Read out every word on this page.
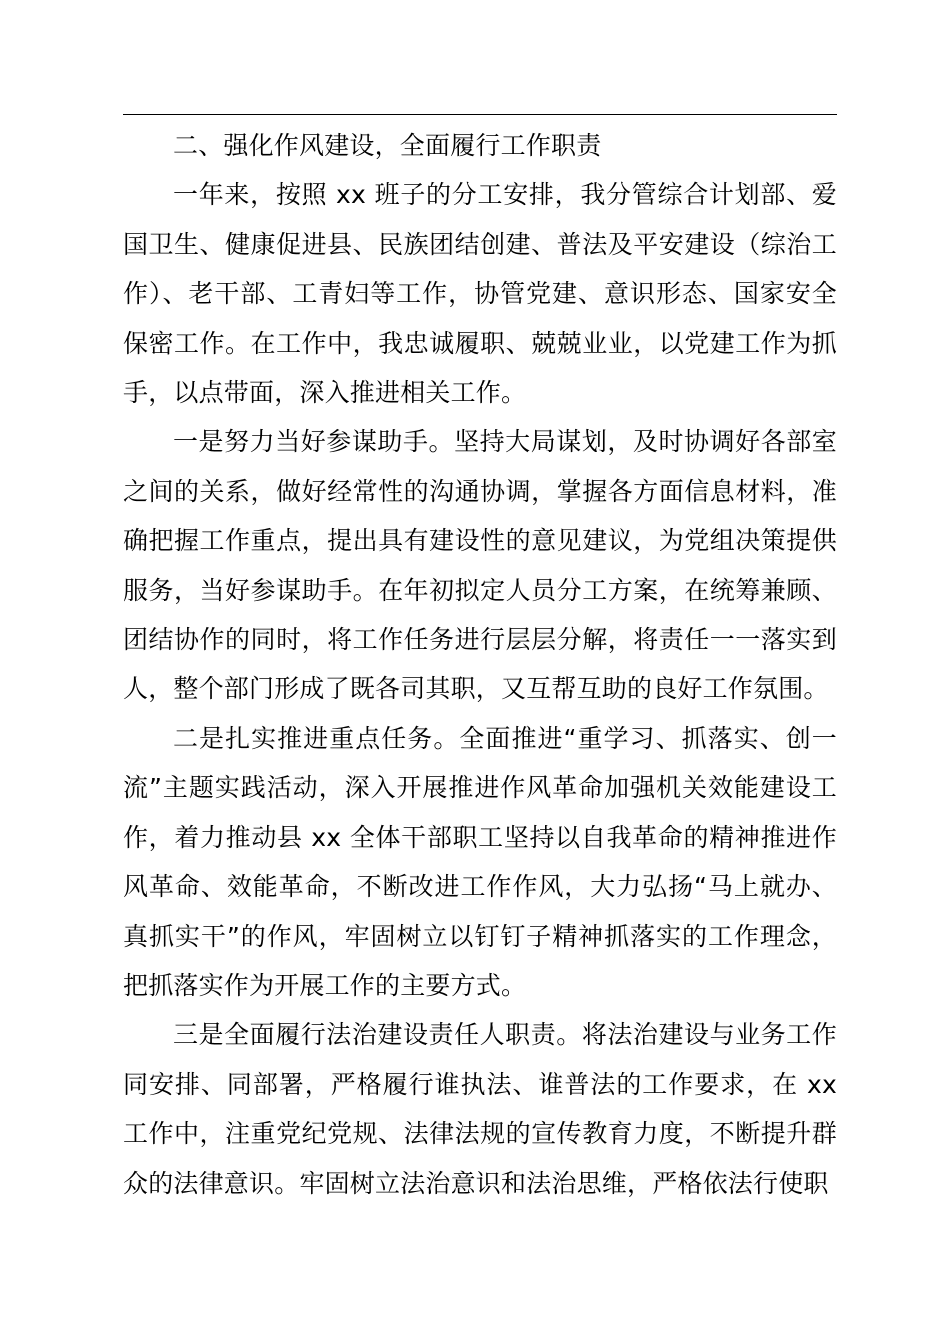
二、强化作风建设，全面履行工作职责

一年来，按照 xx 班子的分工安排，我分管综合计划部、爱国卫生、健康促进县、民族团结创建、普法及平安建设（综治工作）、老干部、工青妇等工作，协管党建、意识形态、国家安全保密工作。在工作中，我忠诚履职、兢兢业业，以党建工作为抓手，以点带面，深入推进相关工作。

一是努力当好参谋助手。坚持大局谋划，及时协调好各部室之间的关系，做好经常性的沟通协调，掌握各方面信息材料，准确把握工作重点，提出具有建设性的意见建议，为党组决策提供服务，当好参谋助手。在年初拟定人员分工方案，在统筹兼顾、团结协作的同时，将工作任务进行层层分解，将责任一一落实到人，整个部门形成了既各司其职，又互帮互助的良好工作氛围。

二是扎实推进重点任务。全面推进“重学习、抓落实、创一流”主题实践活动，深入开展推进作风革命加强机关效能建设工作，着力推动县 xx 全体干部职工坚持以自我革命的精神推进作风革命、效能革命，不断改进工作作风，大力弘扬“马上就办、真抓实干”的作风，牢固树立以钉钉子精神抓落实的工作理念，把抓落实作为开展工作的主要方式。

三是全面履行法治建设责任人职责。将法治建设与业务工作同安排、同部署，严格履行谁执法、谁普法的工作要求，在 xx 工作中，注重党纪党规、法律法规的宣传教育力度，不断提升群众的法律意识。牢固树立法治意识和法治思维，严格依法行使职
